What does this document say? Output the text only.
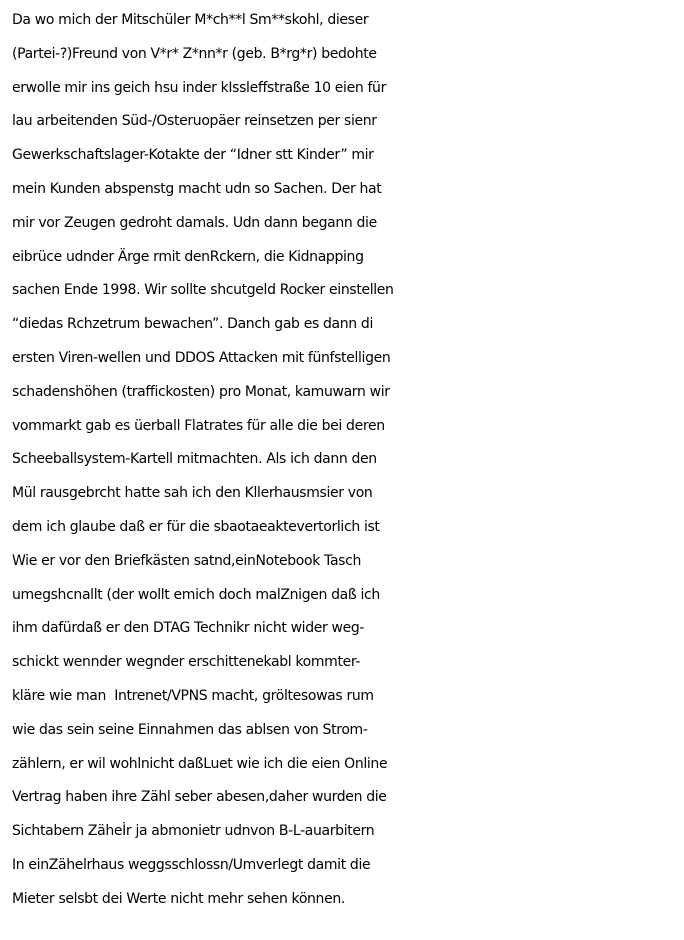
Da wo mich der Mitschüler M*ch**l Sm**skohl, dieser
(Partei-?)Freund von V*r* Z*nn*r (geb. B*rg*r) bedohte
erwolle mir ins geich hsu inder kIssleffstraße 10 eien für
lau arbeitenden Süd-/Osteruopäer reinsetzen per sienr
Gewerkschaftslager-Kotakte der “Idner stt Kinder” mir
mein Kunden abspenstg macht udn so Sachen. Der hat
mir vor Zeugen gedroht damals. Udn dann begann die
eibrüce udnder Ärge rmit denRckern, die Kidnapping
sachen Ende 1998. Wir sollte shcutgeld Rocker einstellen
“diedas Rchzetrum bewachen”. Danch gab es dann di
ersten Viren-wellen und DDOS Attacken mit fünfstelligen
schadenshöhen (traffickosten) pro Monat, kamuwarn wir
vommarkt gab es üerball Flatrates für alle die bei deren
Scheeballsystem-Kartell mitmachten. Als ich dann den
Mül rausgebrcht hatte sah ich den Kllerhausmsier von
dem ich glaube daß er für die sbaotaeaktevertorlich ist
Wie er vor den Briefkästen satnd,einNotebook Tasch
umegshcnallt (der wollt emich doch malZnigen daß ich
ihm dafürdaß er den DTAG Technikr nicht wider weg-
schickt wennder wegnder erschittenekabl kommter-
kläre wie man  Intrenet/VPNS macht, gröltesowas rum
wie das sein seine Einnahmen das ablsen von Strom-
zählern, er wil wohlnicht daßLuet wie ich die eien Online
Vertrag haben ihre Zähl seber abesen,daher wurden die
Sichtabern Zäheİr ja abmonietr udnvon B-L-auarbitern
In einZähelrhaus weggsschlossn/Umverlegt damit die
Mieter selsbt dei Werte nicht mehr sehen können.
